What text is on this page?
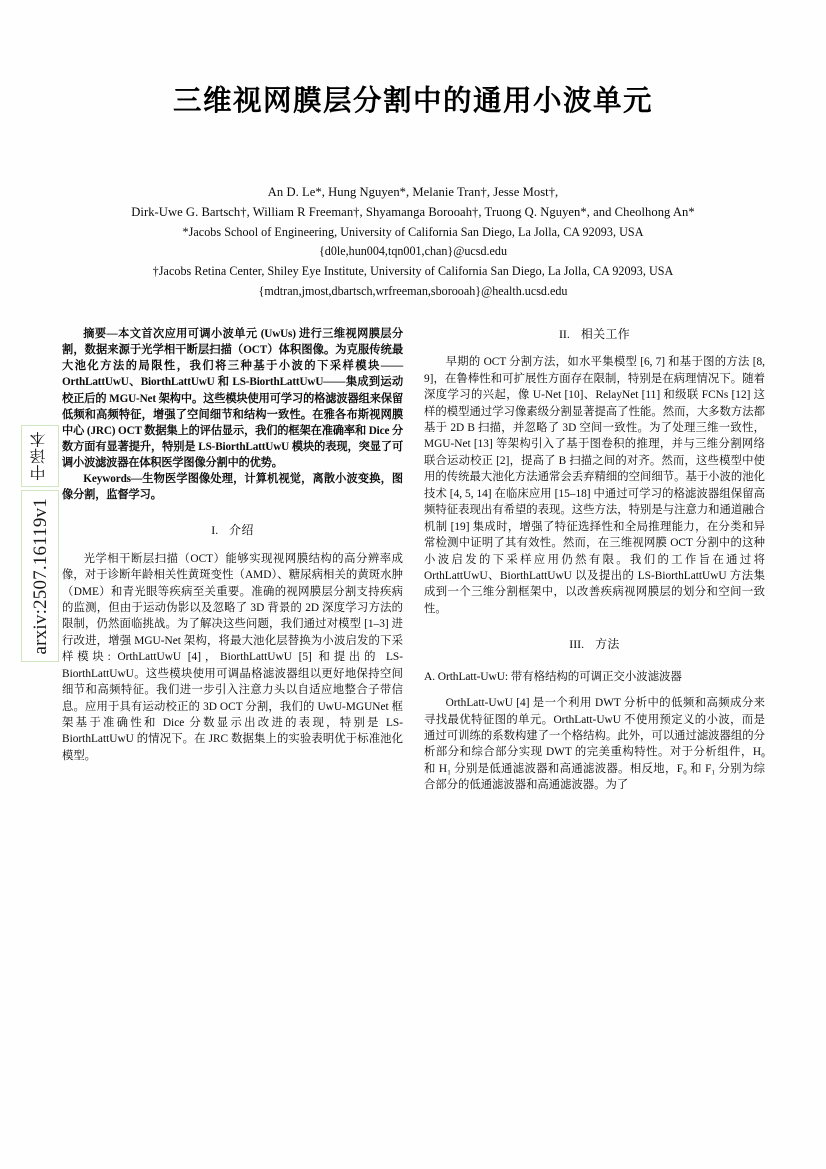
中译本
arxiv:2507.16119v1
三维视网膜层分割中的通用小波单元
An D. Le*, Hung Nguyen*, Melanie Tran†, Jesse Most†,
Dirk-Uwe G. Bartsch†, William R Freeman†, Shyamanga Borooah†, Truong Q. Nguyen*, and Cheolhong An*
*Jacobs School of Engineering, University of California San Diego, La Jolla, CA 92093, USA
{d0le,hun004,tqn001,chan}@ucsd.edu
†Jacobs Retina Center, Shiley Eye Institute, University of California San Diego, La Jolla, CA 92093, USA
{mdtran,jmost,dbartsch,wrfreeman,sborooah}@health.ucsd.edu

摘要—本文首次应用可调小波单元 (UwUs) 进行三维视网膜层分割，数据来源于光学相干断层扫描（OCT）体积图像。为克服传统最大池化方法的局限性，我们将三种基于小波的下采样模块——OrthLattUwU、BiorthLattUwU 和 LS-BiorthLattUwU——集成到运动校正后的 MGU-Net 架构中。这些模块使用可学习的格滤波器组来保留低频和高频特征，增强了空间细节和结构一致性。在雅各布斯视网膜中心 (JRC) OCT 数据集上的评估显示，我们的框架在准确率和 Dice 分数方面有显著提升，特别是 LS-BiorthLattUwU 模块的表现，突显了可调小波滤波器在体积医学图像分割中的优势。

Keywords—生物医学图像处理，计算机视觉，离散小波变换，图像分割，监督学习。

I. 介绍

光学相干断层扫描（OCT）能够实现视网膜结构的高分辨率成像，对于诊断年龄相关性黄斑变性（AMD）、糖尿病相关的黄斑水肿（DME）和青光眼等疾病至关重要。准确的视网膜层分割支持疾病的监测，但由于运动伪影以及忽略了 3D 背景的 2D 深度学习方法的限制，仍然面临挑战。为了解决这些问题，我们通过对模型 [1–3] 进行改进，增强 MGU-Net 架构，将最大池化层替换为小波启发的下采样模块: OrthLattUwU [4]，BiorthLattUwU [5] 和提出的 LS-BiorthLattUwU。这些模块使用可调晶格滤波器组以更好地保持空间细节和高频特征。我们进一步引入注意力头以自适应地整合子带信息。应用于具有运动校正的 3D OCT 分割，我们的 UwU-MGUNet 框架基于准确性和 Dice 分数显示出改进的表现，特别是 LS-BiorthLattUwU 的情况下。在 JRC 数据集上的实验表明优于标准池化模型。

II. 相关工作

早期的 OCT 分割方法，如水平集模型 [6, 7] 和基于图的方法 [8, 9]，在鲁棒性和可扩展性方面存在限制，特别是在病理情况下。随着深度学习的兴起，像 U-Net [10]、RelayNet [11] 和级联 FCNs [12] 这样的模型通过学习像素级分割显著提高了性能。然而，大多数方法都基于 2D B 扫描，并忽略了 3D 空间一致性。为了处理三维一致性，MGU-Net [13] 等架构引入了基于图卷积的推理，并与三维分割网络联合运动校正 [2]，提高了 B 扫描之间的对齐。然而，这些模型中使用的传统最大池化方法通常会丢弃精细的空间细节。基于小波的池化技术 [4, 5, 14] 在临床应用 [15–18] 中通过可学习的格滤波器组保留高频特征表现出有希望的表现。这些方法，特别是与注意力和通道融合机制 [19] 集成时，增强了特征选择性和全局推理能力，在分类和异常检测中证明了其有效性。然而，在三维视网膜 OCT 分割中的这种小波启发的下采样应用仍然有限。我们的工作旨在通过将 OrthLattUwU、BiorthLattUwU 以及提出的 LS-BiorthLattUwU 方法集成到一个三维分割框架中，以改善疾病视网膜层的划分和空间一致性。

III. 方法
A. OrthLatt-UwU: 带有格结构的可调正交小波滤波器

OrthLatt-UwU [4] 是一个利用 DWT 分析中的低频和高频成分来寻找最优特征图的单元。OrthLatt-UwU 不使用预定义的小波，而是通过可训练的系数构建了一个格结构。此外，可以通过滤波器组的分析部分和综合部分实现 DWT 的完美重构特性。对于分析组件，H₀ 和 H₁ 分别是低通滤波器和高通滤波器。相反地，F₀ 和 F₁ 分别为综合部分的低通滤波器和高通滤波器。为了
